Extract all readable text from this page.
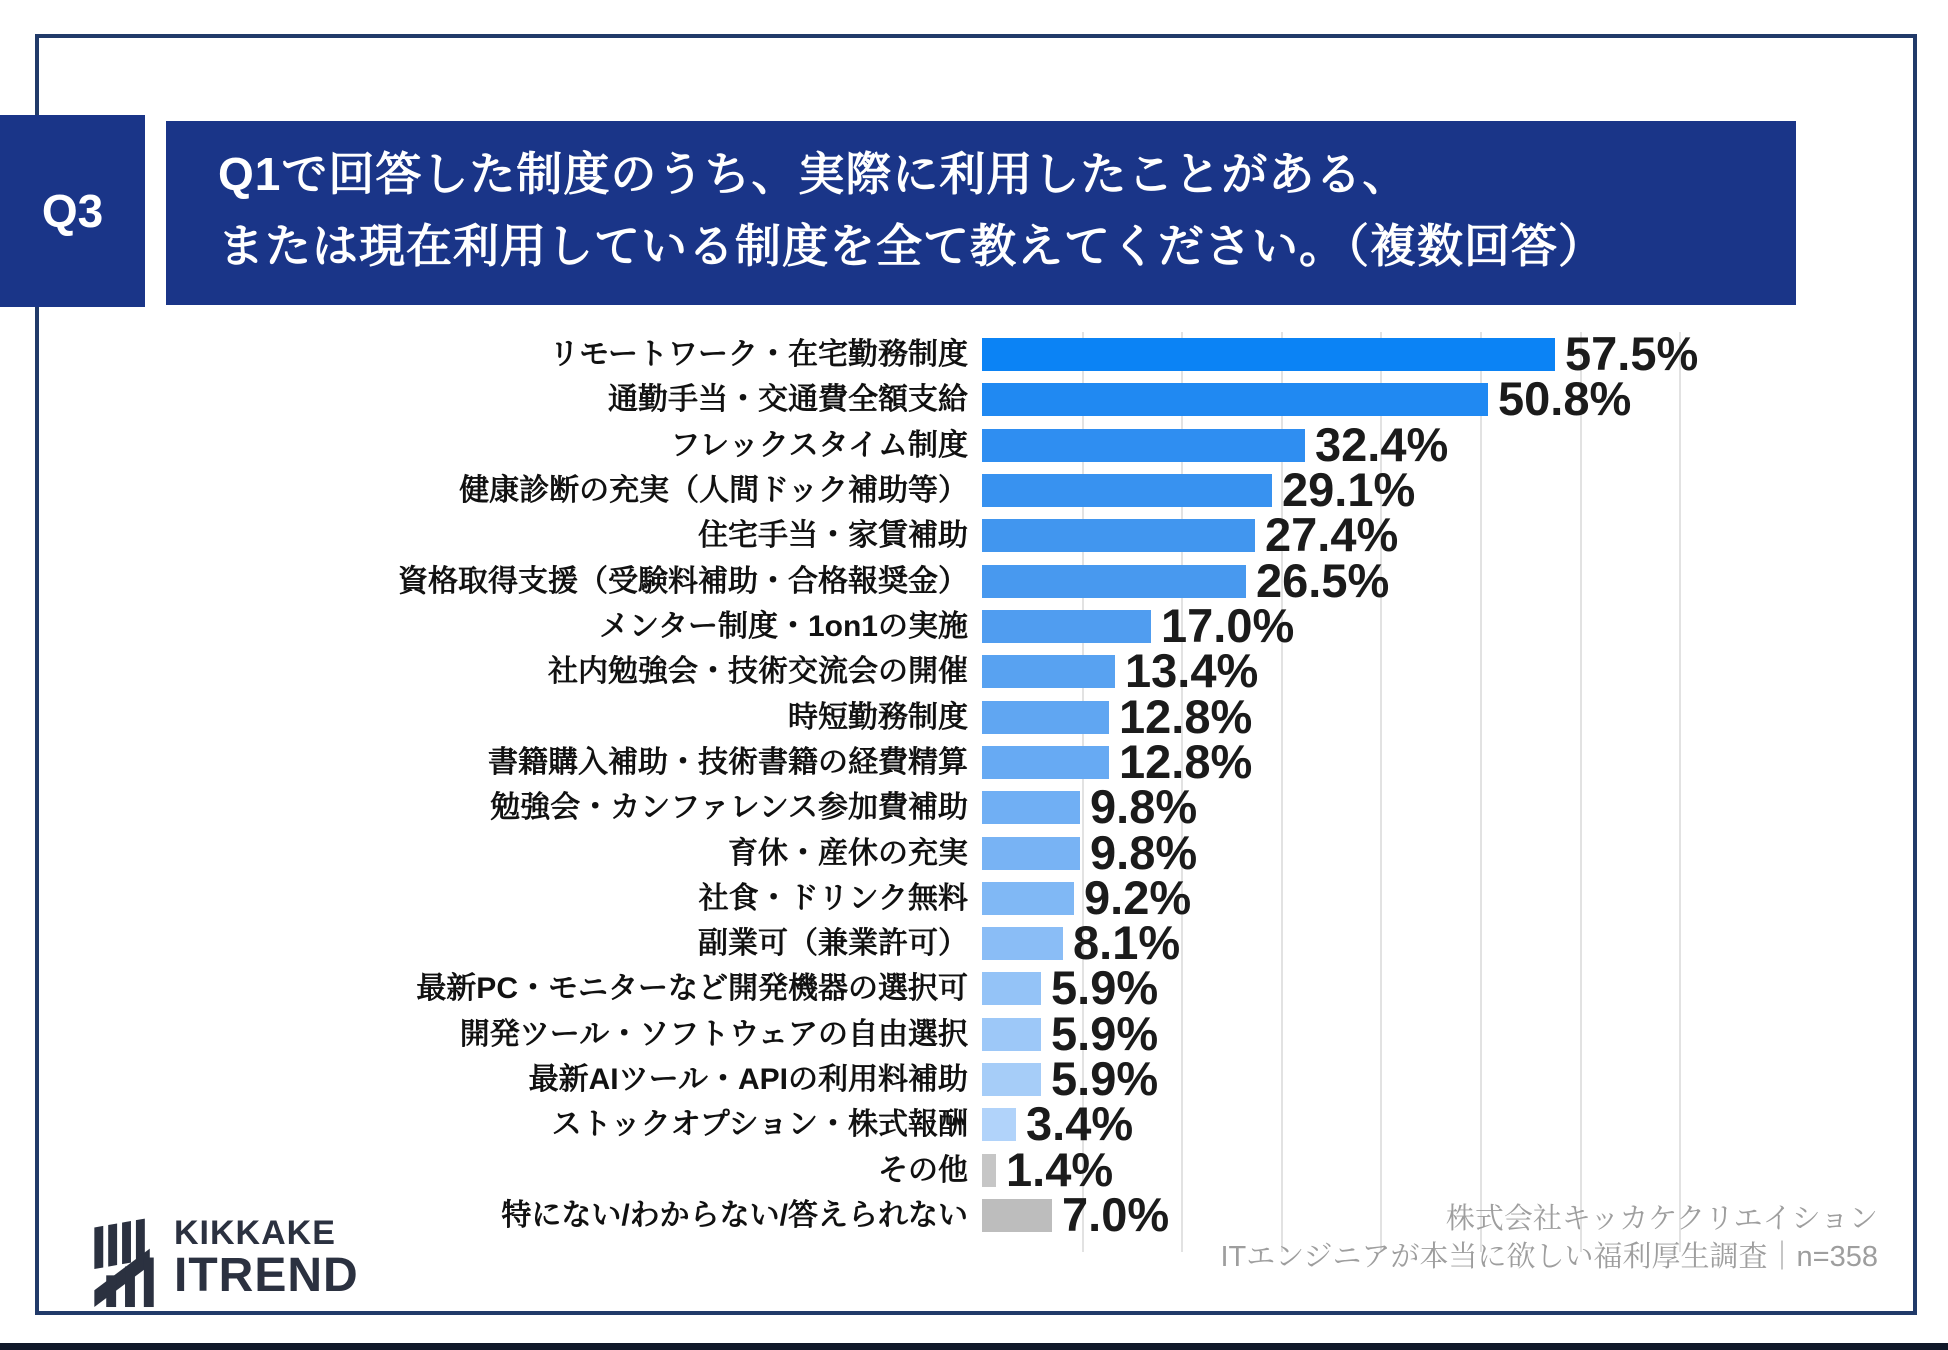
Q3
Q1で回答した制度のうち、実際に利用したことがある、
または現在利用している制度を全て教えてください。（複数回答）
リモートワーク・在宅勤務制度	57.5%
通勤手当・交通費全額支給	50.8%
フレックスタイム制度	32.4%
健康診断の充実（人間ドック補助等）	29.1%
住宅手当・家賃補助	27.4%
資格取得支援（受験料補助・合格報奨金）	26.5%
メンター制度・1on1の実施	17.0%
社内勉強会・技術交流会の開催	13.4%
時短勤務制度	12.8%
書籍購入補助・技術書籍の経費精算	12.8%
勉強会・カンファレンス参加費補助	9.8%
育休・産休の充実	9.8%
社食・ドリンク無料 9.2%
副業可（兼業許可） 8.1%
最新PC・モニターなど開発機器の選択可 5.9%
開発ツール・ソフトウェアの自由選択 5.9%
最新AIツール・APIの利用料補助 5.9%
ストックオプション・株式報酬 3.4%
その他 1.4%
特にない/わからない/答えられない 7.0%	株式会社キッカケクリエイション
ITエンジニアが本当に欲しい福利厚生調査｜n=358
KIKKAKE
ITREND
